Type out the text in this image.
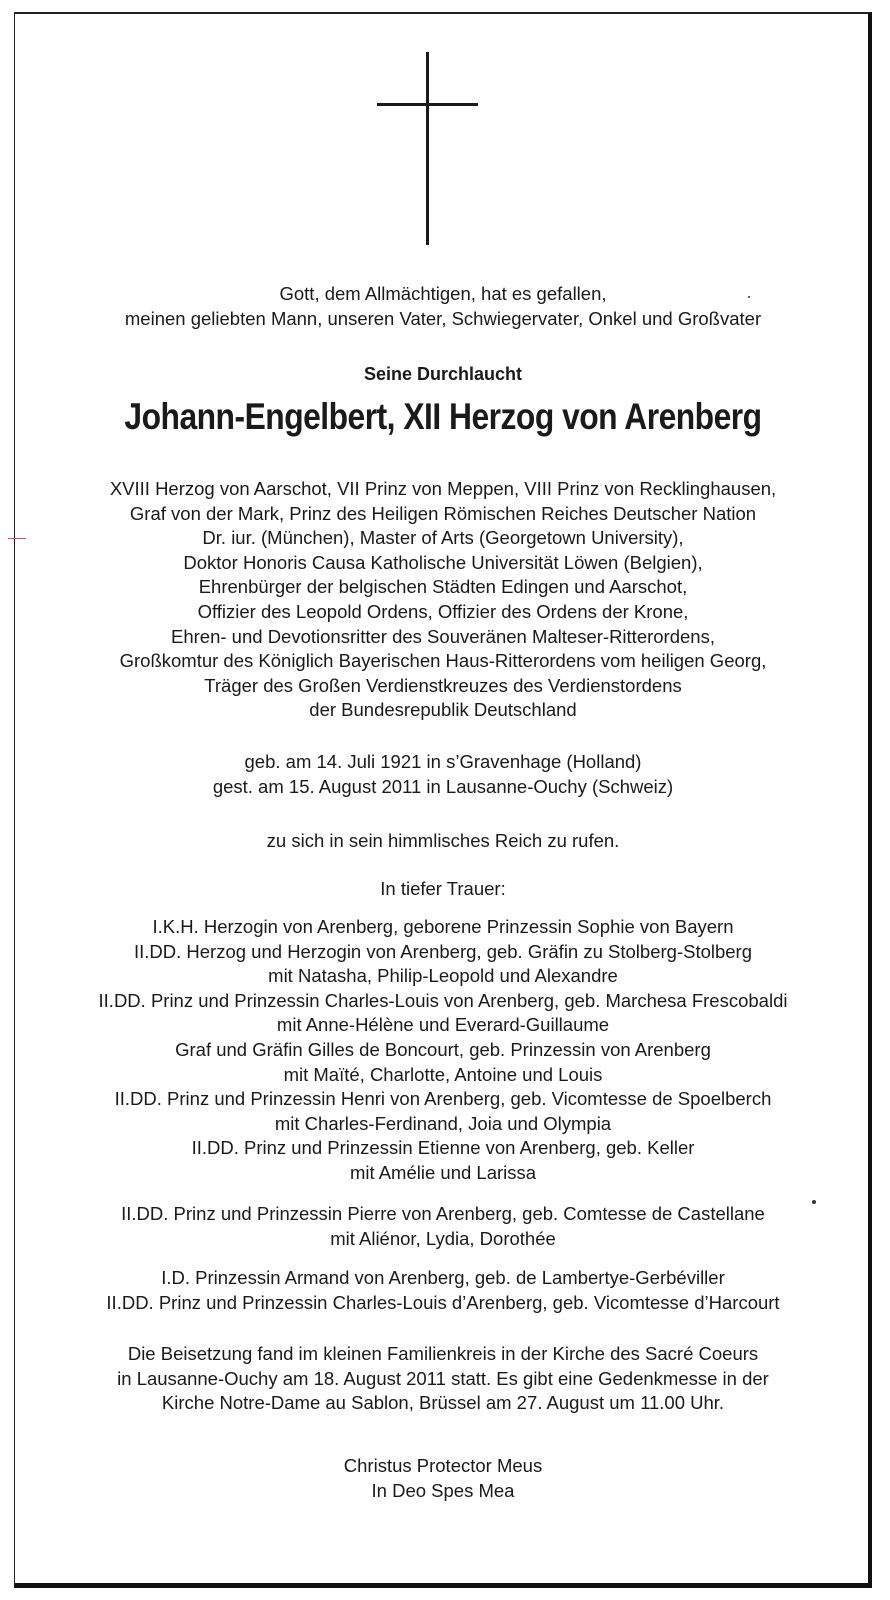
Gott, dem Allmächtigen, hat es gefallen,

meinen geliebten Mann, unseren Vater, Schwiegervater, Onkel und Großvater

Seine Durchlaucht

Johann-Engelbert, XII Herzog von Arenberg

XVIII Herzog von Aarschot, VII Prinz von Meppen, VIII Prinz von Recklinghausen,

Graf von der Mark, Prinz des Heiligen Römischen Reiches Deutscher Nation

Dr. iur. (München), Master of Arts (Georgetown University),

Doktor Honoris Causa Katholische Universität Löwen (Belgien),

Ehrenbürger der belgischen Städten Edingen und Aarschot,

Offizier des Leopold Ordens, Offizier des Ordens der Krone,

Ehren- und Devotionsritter des Souveränen Malteser-Ritterordens,

Großkomtur des Königlich Bayerischen Haus-Ritterordens vom heiligen Georg,

Träger des Großen Verdienstkreuzes des Verdienstordens

der Bundesrepublik Deutschland

geb. am 14. Juli 1921 in s’Gravenhage (Holland)

gest. am 15. August 2011 in Lausanne-Ouchy (Schweiz)

zu sich in sein himmlisches Reich zu rufen.

In tiefer Trauer:

I.K.H. Herzogin von Arenberg, geborene Prinzessin Sophie von Bayern

II.DD. Herzog und Herzogin von Arenberg, geb. Gräfin zu Stolberg-Stolberg

mit Natasha, Philip-Leopold und Alexandre

II.DD. Prinz und Prinzessin Charles-Louis von Arenberg, geb. Marchesa Frescobaldi

mit Anne-Hélène und Everard-Guillaume

Graf und Gräfin Gilles de Boncourt, geb. Prinzessin von Arenberg

mit Maïté, Charlotte, Antoine und Louis

II.DD. Prinz und Prinzessin Henri von Arenberg, geb. Vicomtesse de Spoelberch

mit Charles-Ferdinand, Joia und Olympia

II.DD. Prinz und Prinzessin Etienne von Arenberg, geb. Keller

mit Amélie und Larissa

II.DD. Prinz und Prinzessin Pierre von Arenberg, geb. Comtesse de Castellane

mit Aliénor, Lydia, Dorothée

I.D. Prinzessin Armand von Arenberg, geb. de Lambertye-Gerbéviller

II.DD. Prinz und Prinzessin Charles-Louis d’Arenberg, geb. Vicomtesse d’Harcourt

Die Beisetzung fand im kleinen Familienkreis in der Kirche des Sacré Coeurs

in Lausanne-Ouchy am 18. August 2011 statt. Es gibt eine Gedenkmesse in der

Kirche Notre-Dame au Sablon, Brüssel am 27. August um 11.00 Uhr.

Christus Protector Meus

In Deo Spes Mea
